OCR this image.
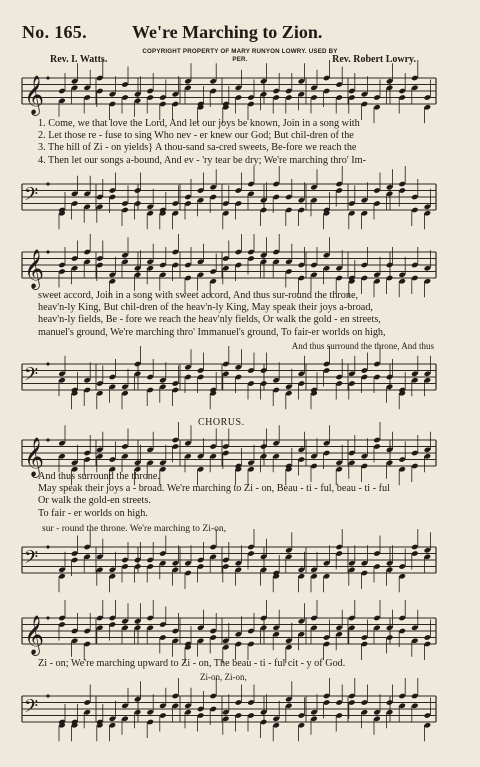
No. 165.	We're Marching to Zion.
COPYRIGHT PROPERTY OF MARY RUNYON LOWRY. USED BY PER.
Rev. I. Watts.	Rev. Robert Lowry.
𝄞
1. Come, we that love the Lord, And let our joys be known, Join in a song with
2. Let those re - fuse to sing Who nev - er knew our God; But chil-dren of the
3. The hill of Zi - on yields} A thou-sand sa-cred sweets, Be-fore we reach the
4. Then let our songs a-bound, And ev - 'ry tear be dry; We're marching thro' Im-
𝄢
𝄞
sweet accord, Join in a song with sweet accord, And thus sur-round the throne,
heav'n-ly King, But chil-dren of the heav'n-ly King, May speak their joys a-broad,
heav'n-ly fields, Be - fore we reach the heav'nly fields, Or walk the gold - en streets,
manuel's ground, We're marching thro' Immanuel's ground, To fair-er worlds on high,
And thus surround the throne, And thus
𝄢
CHORUS.
𝄞
And thus surround the throne.
May speak their joys a - broad. We're marching to Zi - on, Beau - ti - ful, beau - ti - ful
Or walk the gold-en streets.
To fair - er worlds on high.
sur - round the throne. We're marching to Zi-on,
𝄢
𝄞
Zi - on; We're marching upward to Zi - on, The beau - ti - ful cit - y of God.
Zi-on, Zi-on,
𝄢
